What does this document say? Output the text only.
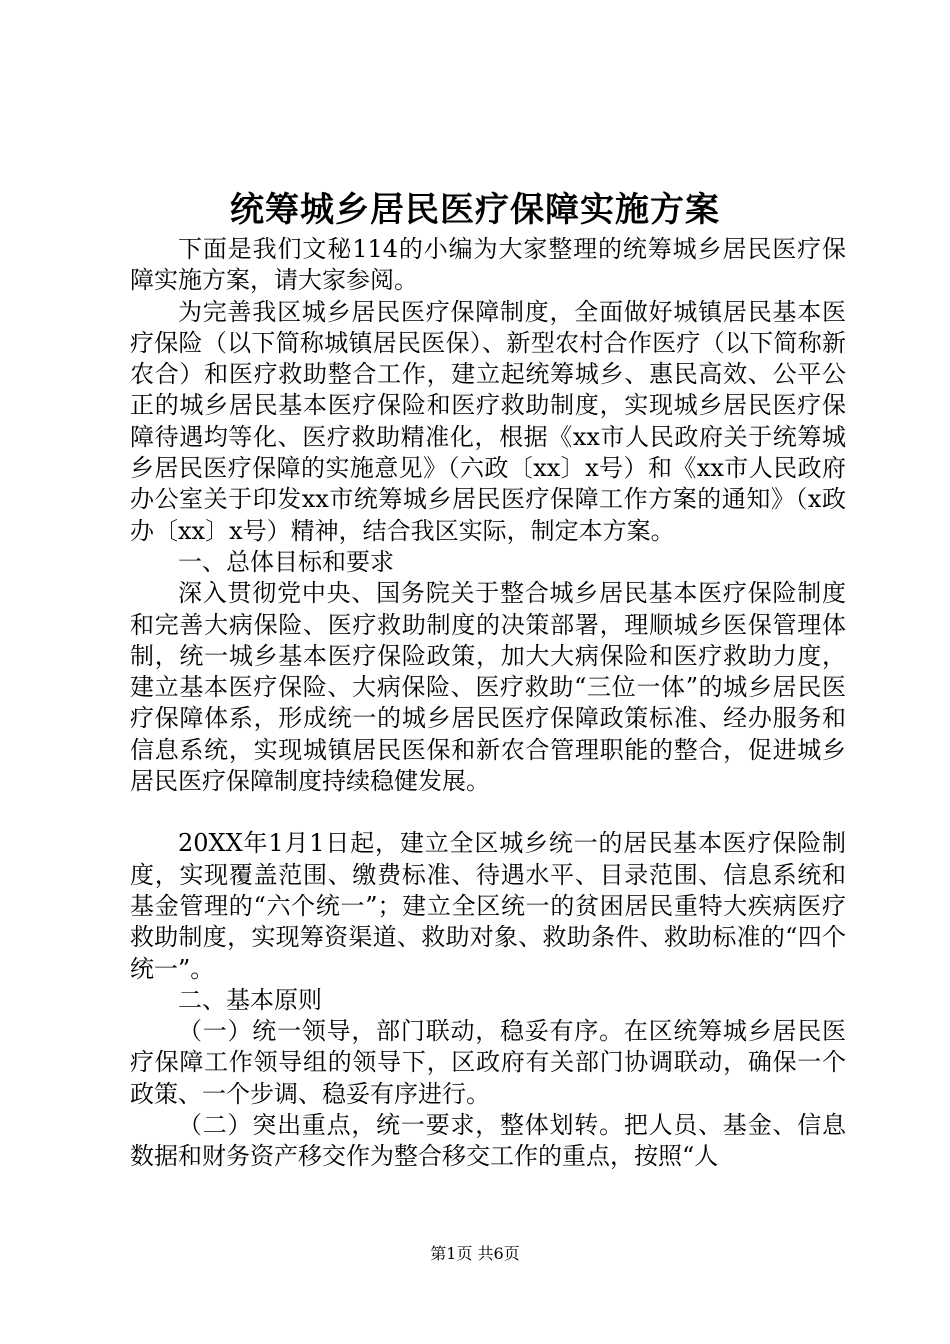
统筹城乡居民医疗保障实施方案

下面是我们文秘114的小编为大家整理的统筹城乡居民医疗保障实施方案，请大家参阅。

为完善我区城乡居民医疗保障制度，全面做好城镇居民基本医疗保险（以下简称城镇居民医保）、新型农村合作医疗（以下简称新农合）和医疗救助整合工作，建立起统筹城乡、惠民高效、公平公正的城乡居民基本医疗保险和医疗救助制度，实现城乡居民医疗保障待遇均等化、医疗救助精准化，根据《xx市人民政府关于统筹城乡居民医疗保障的实施意见》（六政〔xx〕x号）和《xx市人民政府办公室关于印发xx市统筹城乡居民医疗保障工作方案的通知》（x政办〔xx〕x号）精神，结合我区实际，制定本方案。

一、总体目标和要求

深入贯彻党中央、国务院关于整合城乡居民基本医疗保险制度和完善大病保险、医疗救助制度的决策部署，理顺城乡医保管理体制，统一城乡基本医疗保险政策，加大大病保险和医疗救助力度，建立基本医疗保险、大病保险、医疗救助“三位一体”的城乡居民医疗保障体系，形成统一的城乡居民医疗保障政策标准、经办服务和信息系统，实现城镇居民医保和新农合管理职能的整合，促进城乡居民医疗保障制度持续稳健发展。

20XX年1月1日起，建立全区城乡统一的居民基本医疗保险制度，实现覆盖范围、缴费标准、待遇水平、目录范围、信息系统和基金管理的“六个统一”；建立全区统一的贫困居民重特大疾病医疗救助制度，实现筹资渠道、救助对象、救助条件、救助标准的“四个统一”。

二、基本原则

（一）统一领导，部门联动，稳妥有序。在区统筹城乡居民医疗保障工作领导组的领导下，区政府有关部门协调联动，确保一个政策、一个步调、稳妥有序进行。

（二）突出重点，统一要求，整体划转。把人员、基金、信息数据和财务资产移交作为整合移交工作的重点，按照“人

第1页 共6页
